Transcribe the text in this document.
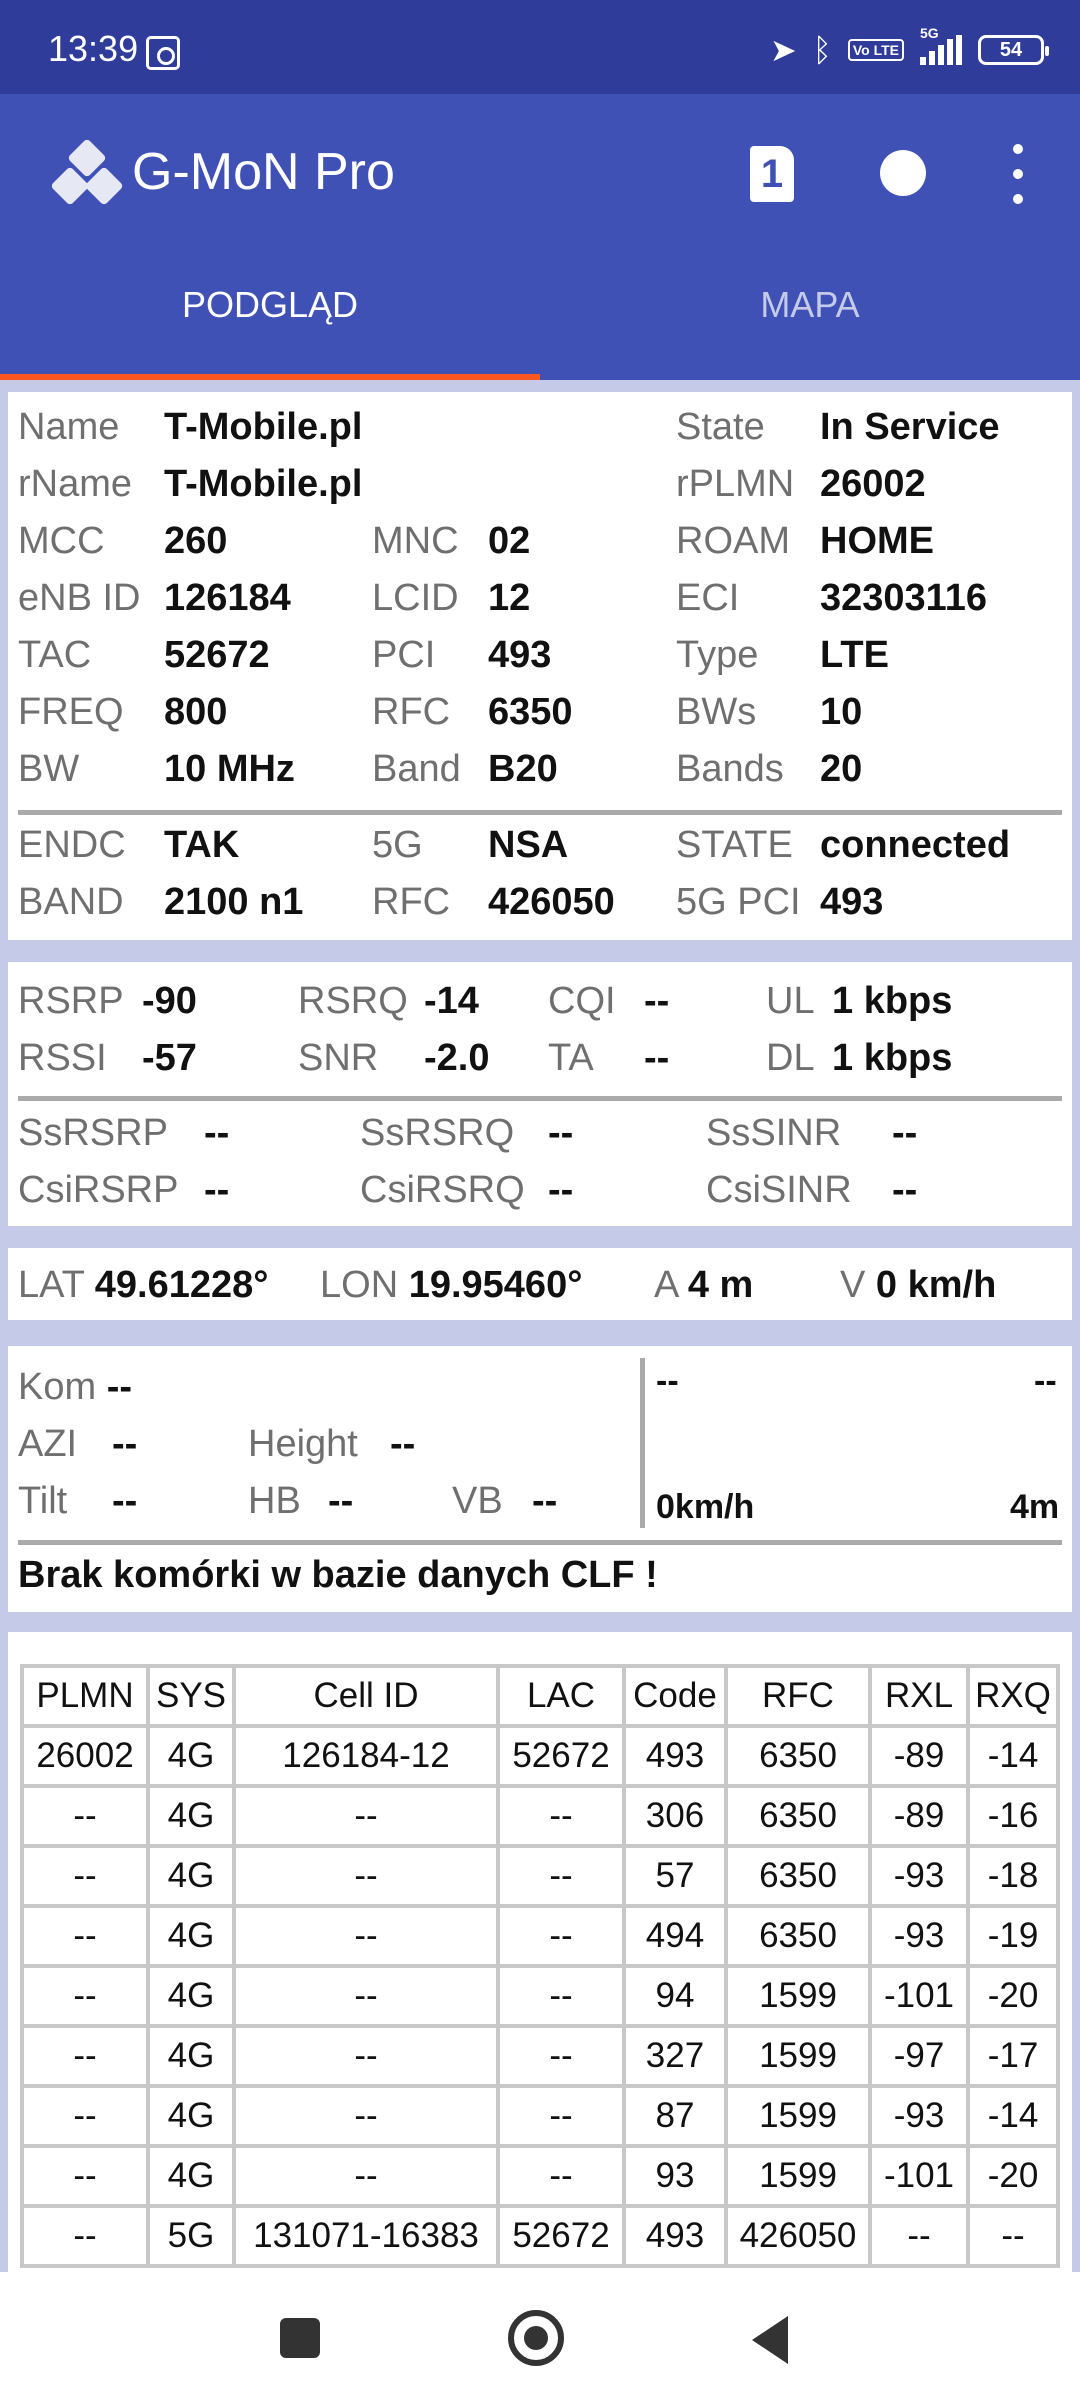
13:39	➤ ᛒ	Vo LTE
5G
54
G-MoN Pro	1
PODGLĄD	MAPA
Name T-Mobile.pl	State In Service
rName T-Mobile.pl	rPLMN 26002
MCC 260	MNC 02	ROAM HOME
eNB ID 126184 LCID 12	ECI 32303116
TAC 52672	PCI 493	Type LTE
FREQ 800	RFC 6350	BWs 10
BW 10 MHz Band B20	Bands 20
ENDC TAK	5G NSA	STATE connected
BAND 2100 n1 RFC 426050 5G PCI 493
RSRP -90	RSRQ -14 CQI --	UL 1 kbps
RSSI -57	SNR -2.0 TA --	DL 1 kbps
SsRSRP --	SsRSRQ --	SsSINR --
CsiRSRP --	CsiRSRQ --	CsiSINR --
LAT 49.61228° LON 19.95460° A 4 m V 0 km/h
Kom --
AZI --	Height --
Tilt --	HB --	VB --
--	--
0km/h	4m
Brak komórki w bazie danych CLF !
PLMN	SYS	Cell ID	LAC	Code	RFC	RXL	RXQ
26002	4G	126184-12	52672	493	6350	-89	-14
--	4G	--	--	306	6350	-89	-16
--	4G	--	--	57	6350	-93	-18
--	4G	--	--	494	6350	-93	-19
--	4G	--	--	94	1599	-101	-20
--	4G	--	--	327	1599	-97	-17
--	4G	--	--	87	1599	-93	-14
--	4G	--	--	93	1599	-101	-20
--	5G	131071-16383	52672	493	426050	--	--
